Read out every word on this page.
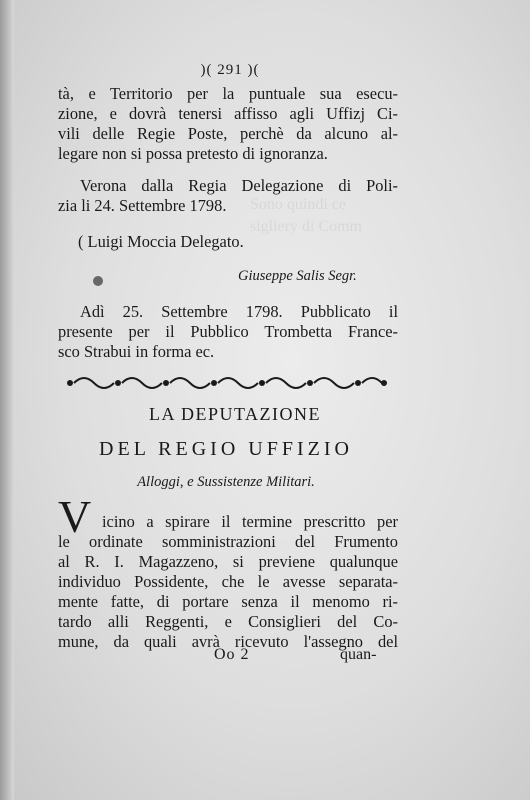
Sono quindi ce
sigliery di Comm
)( 291 )(
tà, e Territorio per la puntuale sua esecu-
zione, e dovrà tenersi affisso agli Uffizj Ci-
vili delle Regie Poste, perchè da alcuno al-
legare non si possa pretesto di ignoranza.
Verona dalla Regia Delegazione di Poli-
zia li 24. Settembre 1798.
( Luigi Moccia Delegato.
Giuseppe Salis Segr.
Adì 25. Settembre 1798. Pubblicato il
presente per il Pubblico Trombetta France-
sco Strabui in forma ec.
LA DEPUTAZIONE
DEL REGIO UFFIZIO
Alloggi, e Sussistenze Militari.
V icino a spirare il termine prescritto per
le ordinate somministrazioni del Frumento
al R. I. Magazzeno, si previene qualunque
individuo Possidente, che le avesse separata-
mente fatte, di portare senza il menomo ri-
tardo alli Reggenti, e Consiglieri del Co-
mune, da quali avrà ricevuto l'assegno del
Oo 2	quan-
